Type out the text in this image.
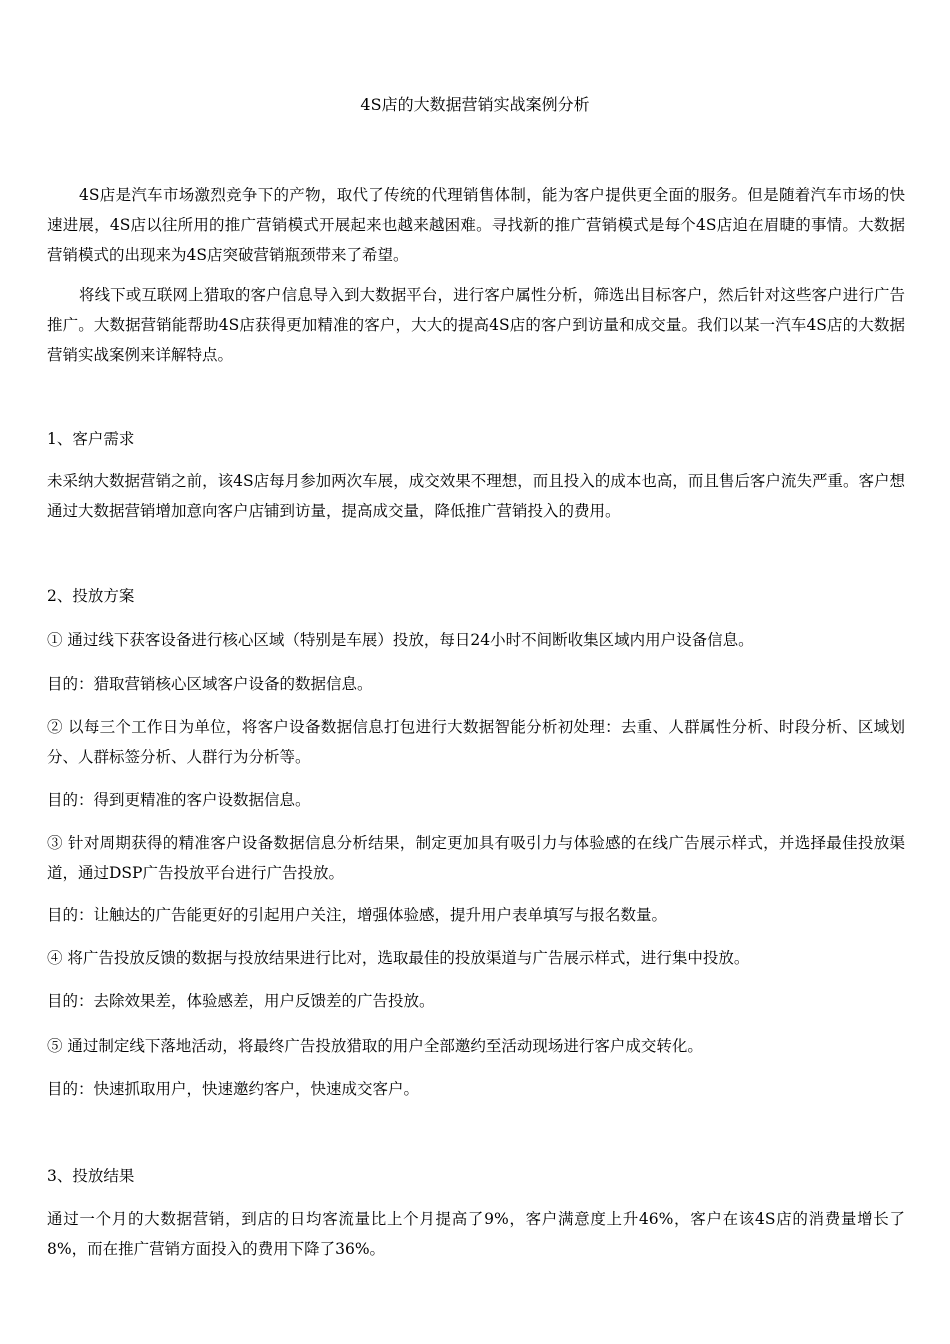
4S店的大数据营销实战案例分析

4S店是汽车市场激烈竞争下的产物，取代了传统的代理销售体制，能为客户提供更全面的服务。但是随着汽车市场的快速进展，4S店以往所用的推广营销模式开展起来也越来越困难。寻找新的推广营销模式是每个4S店迫在眉睫的事情。大数据营销模式的出现来为4S店突破营销瓶颈带来了希望。

将线下或互联网上猎取的客户信息导入到大数据平台，进行客户属性分析，筛选出目标客户，然后针对这些客户进行广告推广。大数据营销能帮助4S店获得更加精准的客户，大大的提高4S店的客户到访量和成交量。我们以某一汽车4S店的大数据营销实战案例来详解特点。

1、客户需求

未采纳大数据营销之前，该4S店每月参加两次车展，成交效果不理想，而且投入的成本也高，而且售后客户流失严重。客户想通过大数据营销增加意向客户店铺到访量，提高成交量，降低推广营销投入的费用。

2、投放方案

① 通过线下获客设备进行核心区域（特别是车展）投放，每日24小时不间断收集区域内用户设备信息。

目的：猎取营销核心区域客户设备的数据信息。

② 以每三个工作日为单位，将客户设备数据信息打包进行大数据智能分析初处理：去重、人群属性分析、时段分析、区域划分、人群标签分析、人群行为分析等。

目的：得到更精准的客户设数据信息。

③ 针对周期获得的精准客户设备数据信息分析结果，制定更加具有吸引力与体验感的在线广告展示样式，并选择最佳投放渠道，通过DSP广告投放平台进行广告投放。

目的：让触达的广告能更好的引起用户关注，增强体验感，提升用户表单填写与报名数量。

④ 将广告投放反馈的数据与投放结果进行比对，选取最佳的投放渠道与广告展示样式，进行集中投放。

目的：去除效果差，体验感差，用户反馈差的广告投放。

⑤ 通过制定线下落地活动，将最终广告投放猎取的用户全部邀约至活动现场进行客户成交转化。

目的：快速抓取用户，快速邀约客户，快速成交客户。

3、投放结果

通过一个月的大数据营销，到店的日均客流量比上个月提高了9%，客户满意度上升46%，客户在该4S店的消费量增长了8%，而在推广营销方面投入的费用下降了36%。
